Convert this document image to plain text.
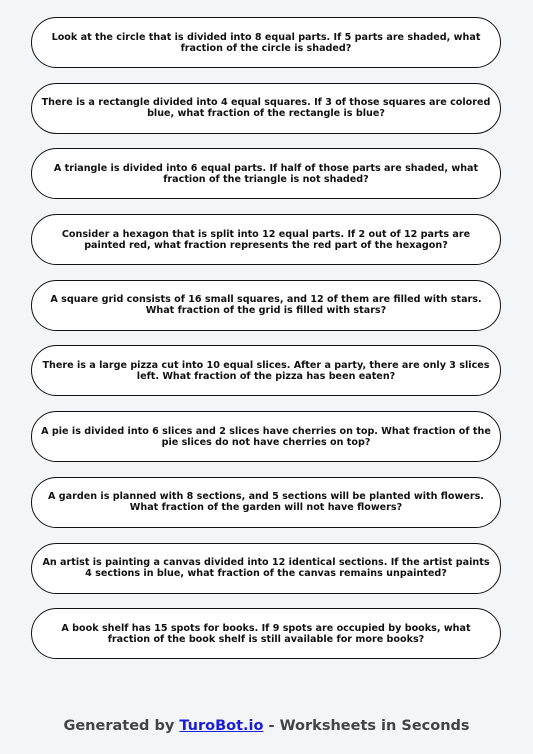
Look at the circle that is divided into 8 equal parts. If 5 parts are shaded, what fraction of the circle is shaded?
There is a rectangle divided into 4 equal squares. If 3 of those squares are colored blue, what fraction of the rectangle is blue?
A triangle is divided into 6 equal parts. If half of those parts are shaded, what fraction of the triangle is not shaded?
Consider a hexagon that is split into 12 equal parts. If 2 out of 12 parts are painted red, what fraction represents the red part of the hexagon?
A square grid consists of 16 small squares, and 12 of them are filled with stars. What fraction of the grid is filled with stars?
There is a large pizza cut into 10 equal slices. After a party, there are only 3 slices left. What fraction of the pizza has been eaten?
A pie is divided into 6 slices and 2 slices have cherries on top. What fraction of the pie slices do not have cherries on top?
A garden is planned with 8 sections, and 5 sections will be planted with flowers. What fraction of the garden will not have flowers?
An artist is painting a canvas divided into 12 identical sections. If the artist paints 4 sections in blue, what fraction of the canvas remains unpainted?
A book shelf has 15 spots for books. If 9 spots are occupied by books, what fraction of the book shelf is still available for more books?
Generated by TuroBot.io - Worksheets in Seconds
